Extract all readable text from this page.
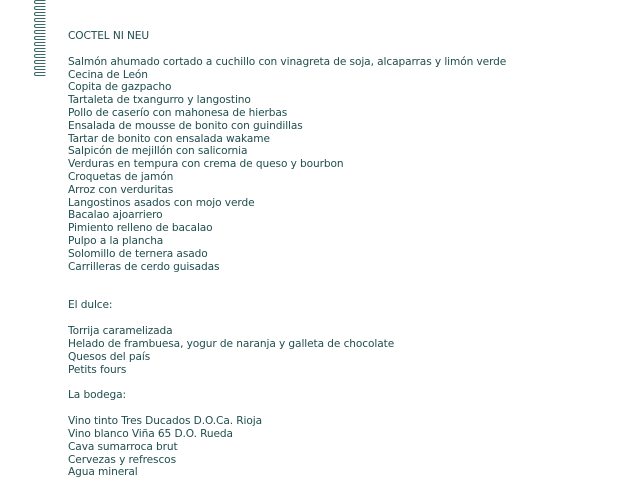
COCTEL NI NEU
Salmón ahumado cortado a cuchillo con vinagreta de soja, alcaparras y limón verde
Cecina de León
Copita de gazpacho
Tartaleta de txangurro y langostino
Pollo de caserío con mahonesa de hierbas
Ensalada de mousse de bonito con guindillas
Tartar de bonito con ensalada wakame
Salpicón de mejillón con salicornia
Verduras en tempura con crema de queso y bourbon
Croquetas de jamón
Arroz con verduritas
Langostinos asados con mojo verde
Bacalao ajoarriero
Pimiento relleno de bacalao
Pulpo a la plancha
Solomillo de ternera asado
Carrilleras de cerdo guisadas

El dulce:

Torrija caramelizada
Helado de frambuesa, yogur de naranja y galleta de chocolate
Quesos del país
Petits fours

La bodega:

Vino tinto Tres Ducados D.O.Ca. Rioja
Vino blanco Viña 65 D.O. Rueda
Cava sumarroca brut
Cervezas y refrescos
Agua mineral
